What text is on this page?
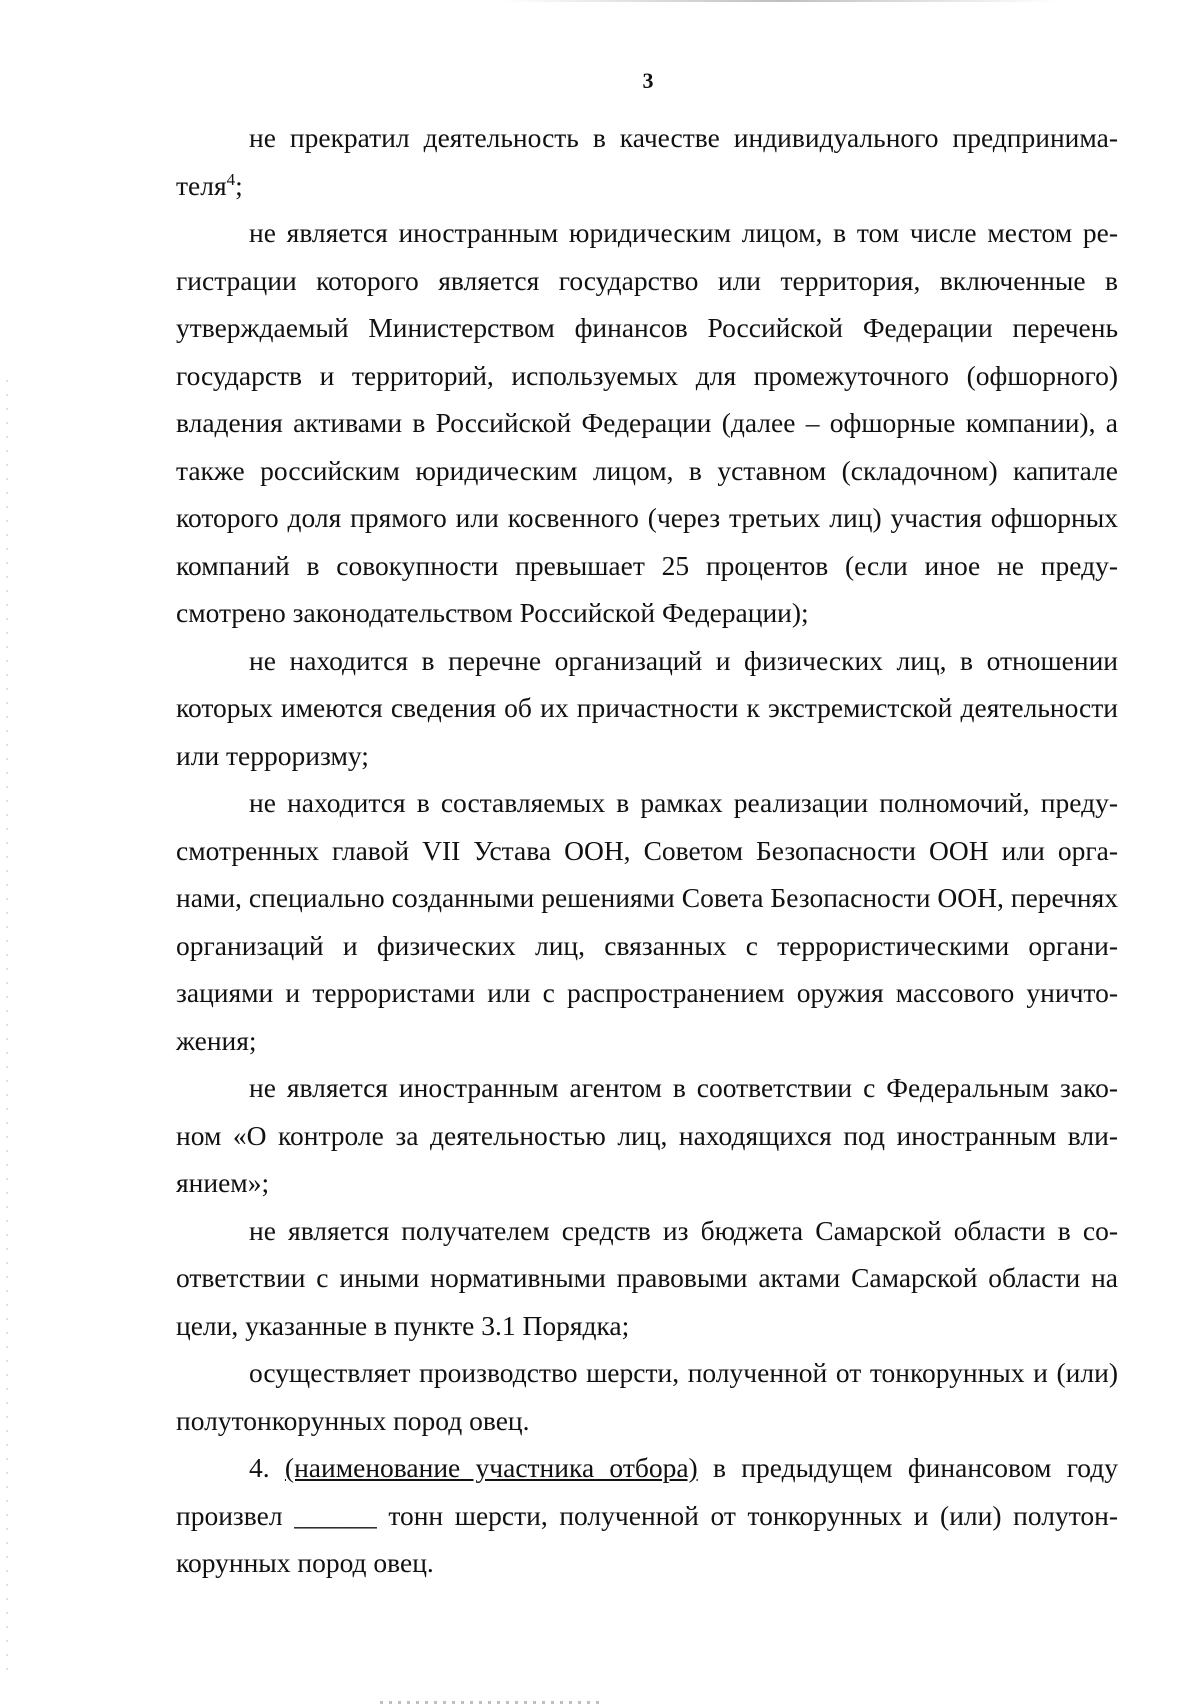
3

не прекратил деятельность в качестве индивидуального предпринимателя$^4$;

не является иностранным юридическим лицом, в том числе местом регистрации которого является государство или территория, включенные в утверждаемый Министерством финансов Российской Федерации перечень государств и территорий, используемых для промежуточного (офшорного) владения активами в Российской Федерации (далее – офшорные компании), а также российским юридическим лицом, в уставном (складочном) капитале которого доля прямого или косвенного (через третьих лиц) участия офшорных компаний в совокупности превышает 25 процентов (если иное не предусмотрено законодательством Российской Федерации);

не находится в перечне организаций и физических лиц, в отношении которых имеются сведения об их причастности к экстремистской деятельности или терроризму;

не находится в составляемых в рамках реализации полномочий, предусмотренных главой VII Устава ООН, Советом Безопасности ООН или органами, специально созданными решениями Совета Безопасности ООН, перечнях организаций и физических лиц, связанных с террористическими организациями и террористами или с распространением оружия массового уничтожения;

не является иностранным агентом в соответствии с Федеральным законом «О контроле за деятельностью лиц, находящихся под иностранным влиянием»;

не является получателем средств из бюджета Самарской области в соответствии с иными нормативными правовыми актами Самарской области на цели, указанные в пункте 3.1 Порядка;

осуществляет производство шерсти, полученной от тонкорунных и (или) полутонкорунных пород овец.

4. (наименование участника отбора) в предыдущем финансовом году произвел ______ тонн шерсти, полученной от тонкорунных и (или) полутонкорунных пород овец.
